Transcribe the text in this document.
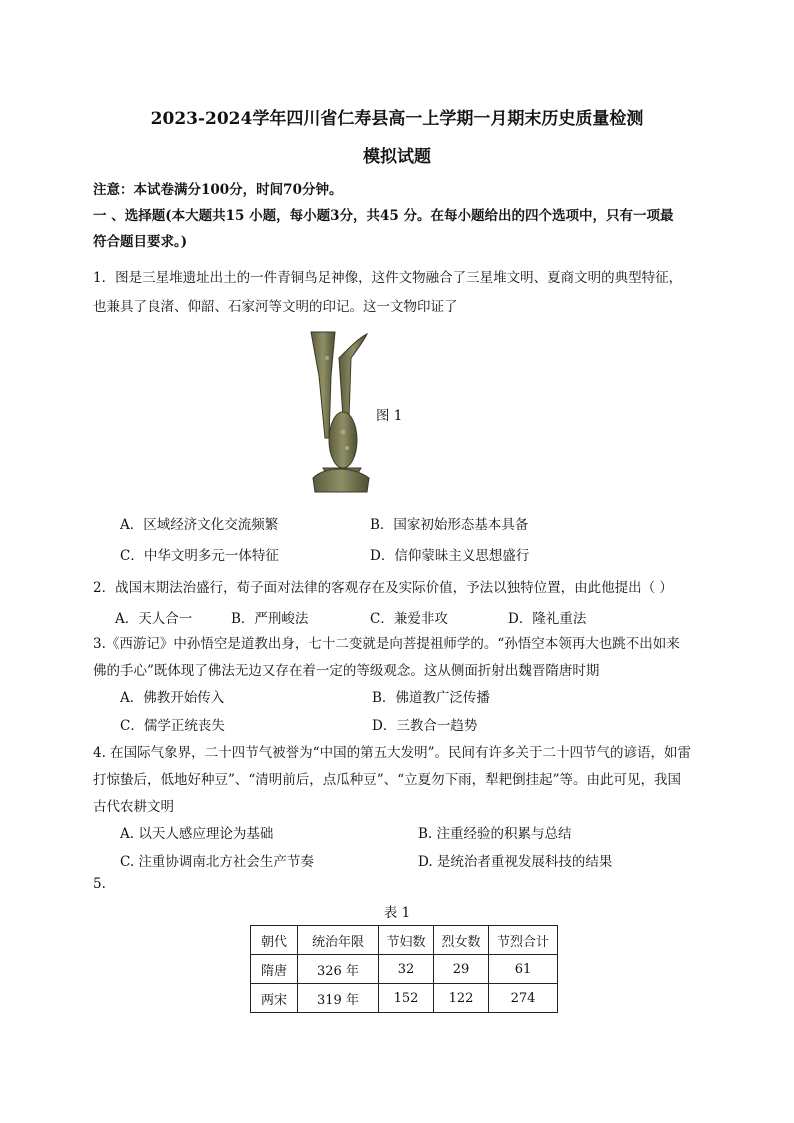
2023-2024学年四川省仁寿县高一上学期一月期末历史质量检测
模拟试题
注意：本试卷满分100分，时间70分钟。
一 、选择题(本大题共15 小题，每小题3分，共45 分。在每小题给出的四个选项中，只有一项最
符合题目要求。)
1．图是三星堆遗址出土的一件青铜鸟足神像，这件文物融合了三星堆文明、夏商文明的典型特征，
也兼具了良渚、仰韶、石家河等文明的印记。这一文物印证了
图 1
A．区域经济文化交流频繁	B．国家初始形态基本具备
C．中华文明多元一体特征	D．信仰蒙昧主义思想盛行
2．战国末期法治盛行，荀子面对法律的客观存在及实际价值，予法以独特位置，由此他提出（ ）
A．天人合一	B．严刑峻法	C．兼爱非攻	D．隆礼重法
3.《西游记》中孙悟空是道教出身，七十二变就是向菩提祖师学的。“孙悟空本领再大也跳不出如来
佛的手心”既体现了佛法无边又存在着一定的等级观念。这从侧面折射出魏晋隋唐时期
A．佛教开始传入	B．佛道教广泛传播
C．儒学正统丧失	D．三教合一趋势
4. 在国际气象界，二十四节气被誉为“中国的第五大发明”。民间有许多关于二十四节气的谚语，如雷
打惊蛰后，低地好种豆”、“清明前后，点瓜种豆”、“立夏勿下雨，犁耙倒挂起”等。由此可见，我国
古代农耕文明
A. 以天人感应理论为基础	B. 注重经验的积累与总结
C. 注重协调南北方社会生产节奏	D. 是统治者重视发展科技的结果
5.
表 1
朝代	统治年限	节妇数	烈女数	节烈合计
隋唐	326 年	32	29	61
两宋	319 年	152	122	274
